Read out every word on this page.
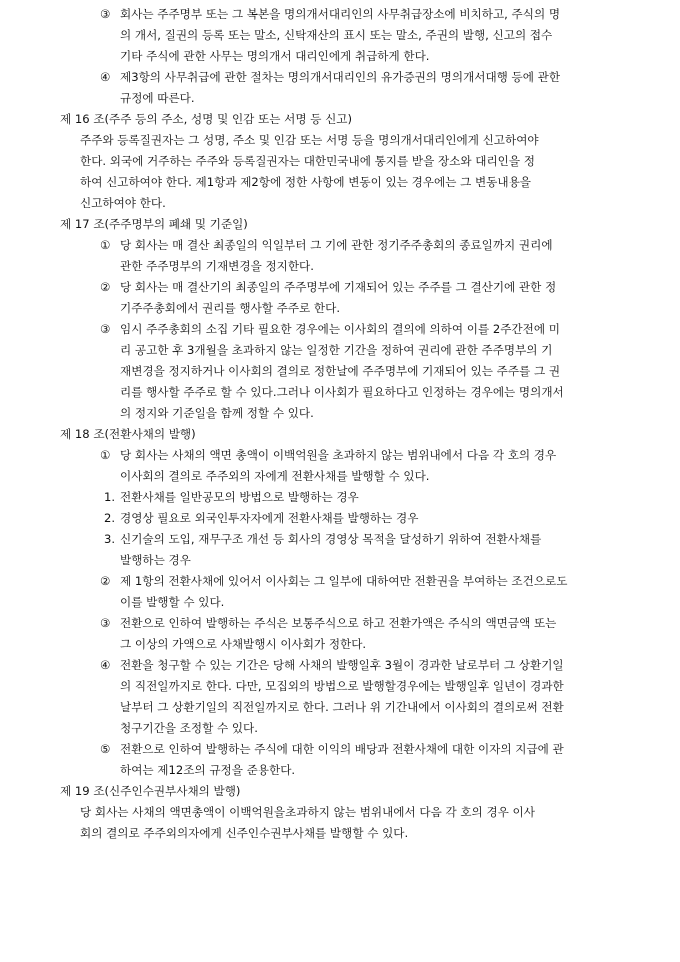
③ 회사는 주주명부 또는 그 복본을 명의개서대리인의 사무취급장소에 비치하고, 주식의 명
의 개서, 질권의 등록 또는 말소, 신탁재산의 표시 또는 말소, 주권의 발행, 신고의 접수
기타 주식에 관한 사무는 명의개서 대리인에게 취급하게 한다.
④ 제3항의 사무취급에 관한 절차는 명의개서대리인의 유가증권의 명의개서대행 등에 관한
규정에 따른다.
제 16 조(주주 등의 주소, 성명 및 인감 또는 서명 등 신고)
주주와 등록질권자는 그 성명, 주소 및 인감 또는 서명 등을 명의개서대리인에게 신고하여야
한다. 외국에 거주하는 주주와 등록질권자는 대한민국내에 통지를 받을 장소와 대리인을 정
하여 신고하여야 한다. 제1항과 제2항에 정한 사항에 변동이 있는 경우에는 그 변동내용을
신고하여야 한다.
제 17 조(주주명부의 폐쇄 및 기준일)
① 당 회사는 매 결산 최종일의 익일부터 그 기에 관한 정기주주총회의 종료일까지 권리에
관한 주주명부의 기재변경을 정지한다.
② 당 회사는 매 결산기의 최종일의 주주명부에 기재되어 있는 주주를 그 결산기에 관한 정
기주주총회에서 권리를 행사할 주주로 한다.
③ 임시 주주총회의 소집 기타 필요한 경우에는 이사회의 결의에 의하여 이를 2주간전에 미
리 공고한 후 3개월을 초과하지 않는 일정한 기간을 정하여 권리에 관한 주주명부의 기
재변경을 정지하거나 이사회의 결의로 정한날에 주주명부에 기재되어 있는 주주를 그 권
리를 행사할 주주로 할 수 있다.그러나 이사회가 필요하다고 인정하는 경우에는 명의개서
의 정지와 기준일을 함께 정할 수 있다.
제 18 조(전환사채의 발행)
① 당 회사는 사채의 액면 총액이 이백억원을 초과하지 않는 범위내에서 다음 각 호의 경우
이사회의 결의로 주주외의 자에게 전환사채를 발행할 수 있다.
1. 전환사채를 일반공모의 방법으로 발행하는 경우
2. 경영상 필요로 외국인투자자에게 전환사채를 발행하는 경우
3. 신기술의 도입, 재무구조 개선 등 회사의 경영상 목적을 달성하기 위하여 전환사채를
발행하는 경우
② 제 1항의 전환사채에 있어서 이사회는 그 일부에 대하여만 전환권을 부여하는 조건으로도
이를 발행할 수 있다.
③ 전환으로 인하여 발행하는 주식은 보통주식으로 하고 전환가액은 주식의 액면금액 또는
그 이상의 가액으로 사채발행시 이사회가 정한다.
④ 전환을 청구할 수 있는 기간은 당해 사채의 발행일후 3월이 경과한 날로부터 그 상환기일
의 직전일까지로 한다. 다만, 모집외의 방법으로 발행할경우에는 발행일후 일년이 경과한
날부터 그 상환기일의 직전일까지로 한다. 그러나 위 기간내에서 이사회의 결의로써 전환
청구기간을 조정할 수 있다.
⑤ 전환으로 인하여 발행하는 주식에 대한 이익의 배당과 전환사채에 대한 이자의 지급에 관
하여는 제12조의 규정을 준용한다.
제 19 조(신주인수권부사채의 발행)
당 회사는 사채의 액면총액이 이백억원을초과하지 않는 범위내에서 다음 각 호의 경우 이사
회의 결의로 주주외의자에게 신주인수권부사채를 발행할 수 있다.
